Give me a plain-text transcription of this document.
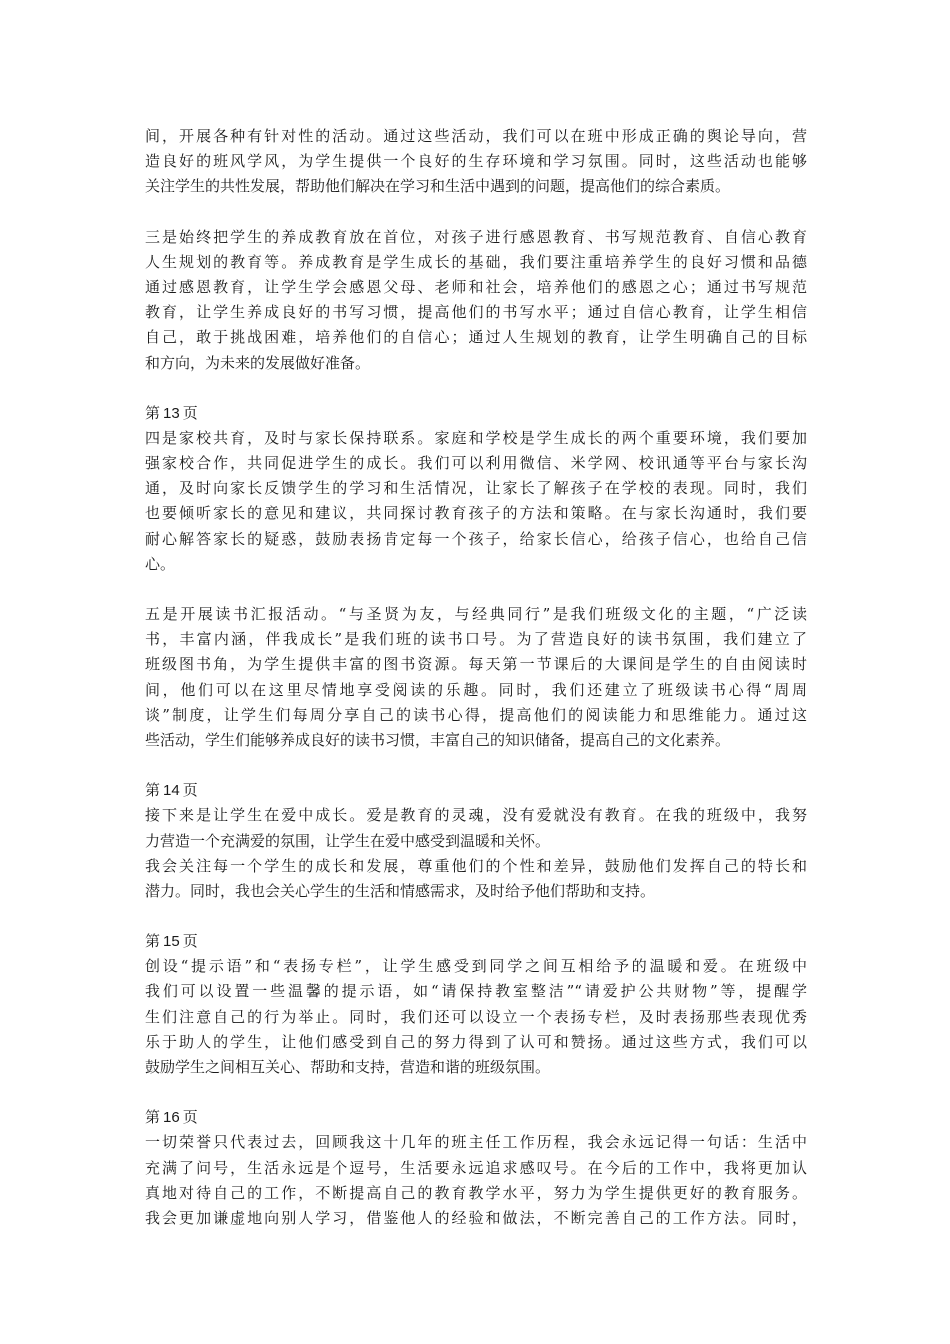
间，开展各种有针对性的活动。通过这些活动，我们可以在班中形成正确的舆论导向，营
造良好的班风学风，为学生提供一个良好的生存环境和学习氛围。同时，这些活动也能够
关注学生的共性发展，帮助他们解决在学习和生活中遇到的问题，提高他们的综合素质。
三是始终把学生的养成教育放在首位，对孩子进行感恩教育、书写规范教育、自信心教育
人生规划的教育等。养成教育是学生成长的基础，我们要注重培养学生的良好习惯和品德
通过感恩教育，让学生学会感恩父母、老师和社会，培养他们的感恩之心；通过书写规范
教育，让学生养成良好的书写习惯，提高他们的书写水平；通过自信心教育，让学生相信
自己，敢于挑战困难，培养他们的自信心；通过人生规划的教育，让学生明确自己的目标
和方向，为未来的发展做好准备。
第 13 页
四是家校共育，及时与家长保持联系。家庭和学校是学生成长的两个重要环境，我们要加
强家校合作，共同促进学生的成长。我们可以利用微信、米学网、校讯通等平台与家长沟
通，及时向家长反馈学生的学习和生活情况，让家长了解孩子在学校的表现。同时，我们
也要倾听家长的意见和建议，共同探讨教育孩子的方法和策略。在与家长沟通时，我们要
耐心解答家长的疑惑，鼓励表扬肯定每一个孩子，给家长信心，给孩子信心，也给自己信
心。
五是开展读书汇报活动。“与圣贤为友，与经典同行”是我们班级文化的主题，“广泛读
书，丰富内涵，伴我成长”是我们班的读书口号。为了营造良好的读书氛围，我们建立了
班级图书角，为学生提供丰富的图书资源。每天第一节课后的大课间是学生的自由阅读时
间，他们可以在这里尽情地享受阅读的乐趣。同时，我们还建立了班级读书心得“周周
谈”制度，让学生们每周分享自己的读书心得，提高他们的阅读能力和思维能力。通过这
些活动，学生们能够养成良好的读书习惯，丰富自己的知识储备，提高自己的文化素养。
第 14 页
接下来是让学生在爱中成长。爱是教育的灵魂，没有爱就没有教育。在我的班级中，我努
力营造一个充满爱的氛围，让学生在爱中感受到温暖和关怀。
我会关注每一个学生的成长和发展，尊重他们的个性和差异，鼓励他们发挥自己的特长和
潜力。同时，我也会关心学生的生活和情感需求，及时给予他们帮助和支持。
第 15 页
创设“提示语”和“表扬专栏”，让学生感受到同学之间互相给予的温暖和爱。在班级中
我们可以设置一些温馨的提示语，如“请保持教室整洁”“请爱护公共财物”等，提醒学
生们注意自己的行为举止。同时，我们还可以设立一个表扬专栏，及时表扬那些表现优秀
乐于助人的学生，让他们感受到自己的努力得到了认可和赞扬。通过这些方式，我们可以
鼓励学生之间相互关心、帮助和支持，营造和谐的班级氛围。
第 16 页
一切荣誉只代表过去，回顾我这十几年的班主任工作历程，我会永远记得一句话：生活中
充满了问号，生活永远是个逗号，生活要永远追求感叹号。在今后的工作中，我将更加认
真地对待自己的工作，不断提高自己的教育教学水平，努力为学生提供更好的教育服务。
我会更加谦虚地向别人学习，借鉴他人的经验和做法，不断完善自己的工作方法。同时，
